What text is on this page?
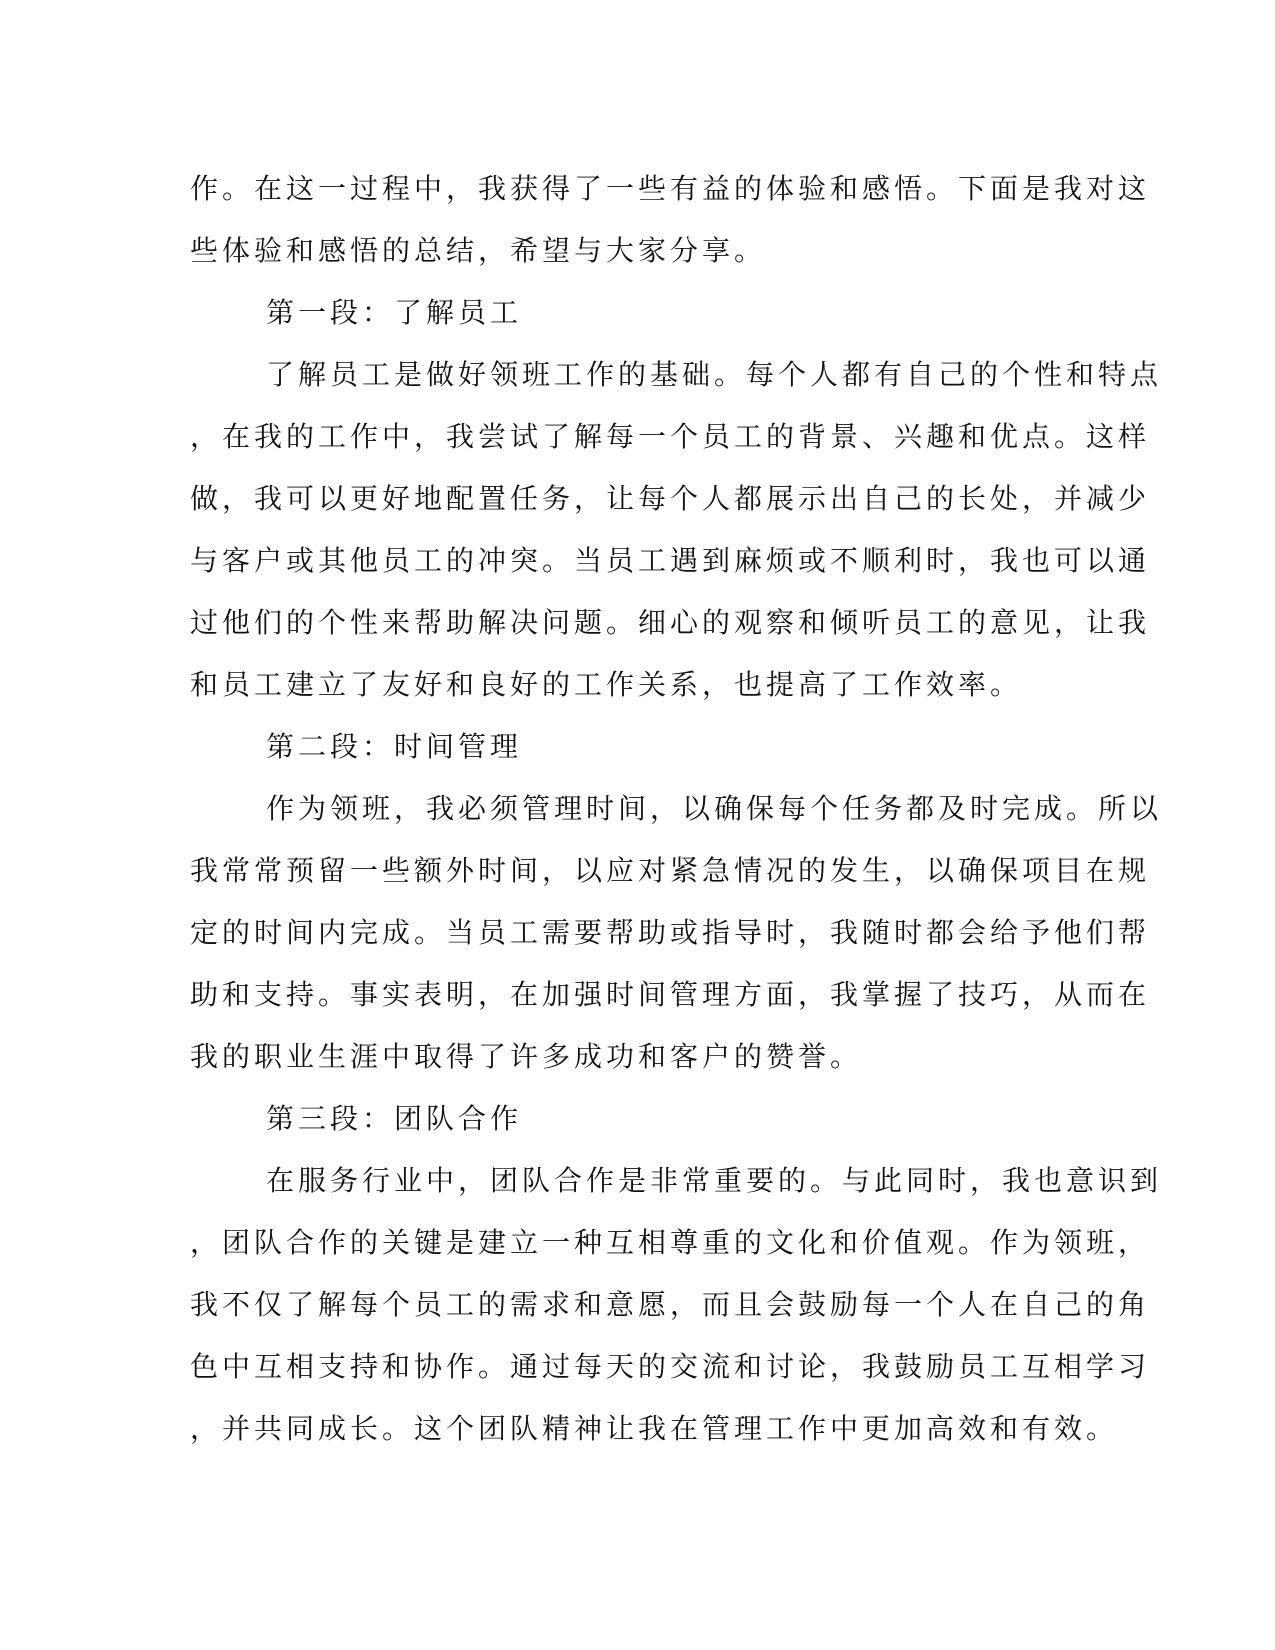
作。在这一过程中，我获得了一些有益的体验和感悟。下面是我对这
些体验和感悟的总结，希望与大家分享。
第一段：了解员工
了解员工是做好领班工作的基础。每个人都有自己的个性和特点
，在我的工作中，我尝试了解每一个员工的背景、兴趣和优点。这样
做，我可以更好地配置任务，让每个人都展示出自己的长处，并减少
与客户或其他员工的冲突。当员工遇到麻烦或不顺利时，我也可以通
过他们的个性来帮助解决问题。细心的观察和倾听员工的意见，让我
和员工建立了友好和良好的工作关系，也提高了工作效率。
第二段：时间管理
作为领班，我必须管理时间，以确保每个任务都及时完成。所以
我常常预留一些额外时间，以应对紧急情况的发生，以确保项目在规
定的时间内完成。当员工需要帮助或指导时，我随时都会给予他们帮
助和支持。事实表明，在加强时间管理方面，我掌握了技巧，从而在
我的职业生涯中取得了许多成功和客户的赞誉。
第三段：团队合作
在服务行业中，团队合作是非常重要的。与此同时，我也意识到
，团队合作的关键是建立一种互相尊重的文化和价值观。作为领班，
我不仅了解每个员工的需求和意愿，而且会鼓励每一个人在自己的角
色中互相支持和协作。通过每天的交流和讨论，我鼓励员工互相学习
，并共同成长。这个团队精神让我在管理工作中更加高效和有效。
